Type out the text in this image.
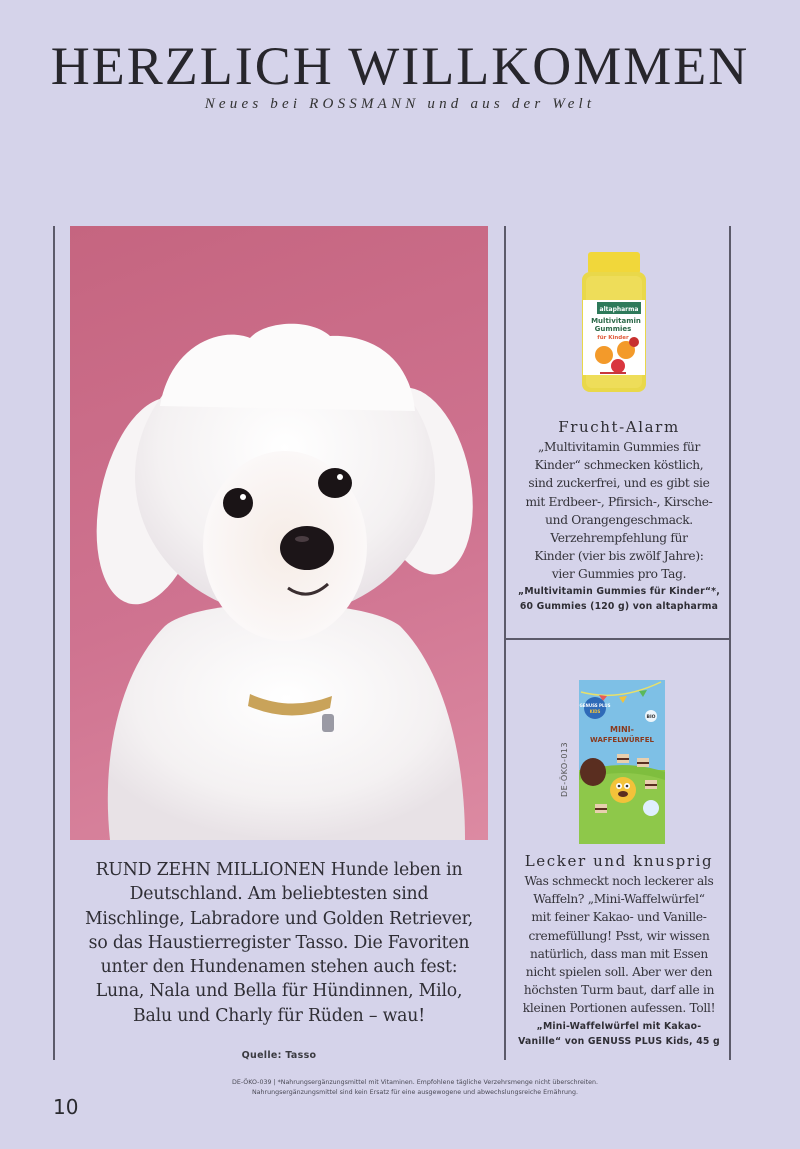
HERZLICH WILLKOMMEN
Neues bei ROSSMANN und aus der Welt
RUND ZEHN MILLIONEN Hunde leben in
Deutschland. Am beliebtesten sind
Mischlinge, Labradore und Golden Retriever,
so das Haustierregister Tasso. Die Favoriten
unter den Hundenamen stehen auch fest:
Luna, Nala und Bella für Hündinnen, Milo,
Balu und Charly für Rüden – wau!
Quelle: Tasso
altapharma
Multivitamin
Gummies
für Kinder
Frucht-Alarm
„Multivitamin Gummies für
Kinder“ schmecken köstlich,
sind zuckerfrei, und es gibt sie
mit Erdbeer-, Pfirsich-, Kirsche-
und Orangengeschmack.
Verzehrempfehlung für
Kinder (vier bis zwölf Jahre):
vier Gummies pro Tag.
„Multivitamin Gummies für Kinder“*,
60 Gummies (120 g) von altapharma
GENUSS PLUS
KIDS
BIO
MINI-
WAFFELWÜRFEL
DE-ÖKO-013
Lecker und knusprig
Was schmeckt noch leckerer als
Waffeln? „Mini-Waffelwürfel“
mit feiner Kakao- und Vanille-
cremefüllung! Psst, wir wissen
natürlich, dass man mit Essen
nicht spielen soll. Aber wer den
höchsten Turm baut, darf alle in
kleinen Portionen aufessen. Toll!
„Mini-Waffelwürfel mit Kakao-
Vanille“ von GENUSS PLUS Kids, 45 g
DE-ÖKO-039 | *Nahrungsergänzungsmittel mit Vitaminen. Empfohlene tägliche Verzehrsmenge nicht überschreiten.
Nahrungsergänzungsmittel sind kein Ersatz für eine ausgewogene und abwechslungsreiche Ernährung.
10
